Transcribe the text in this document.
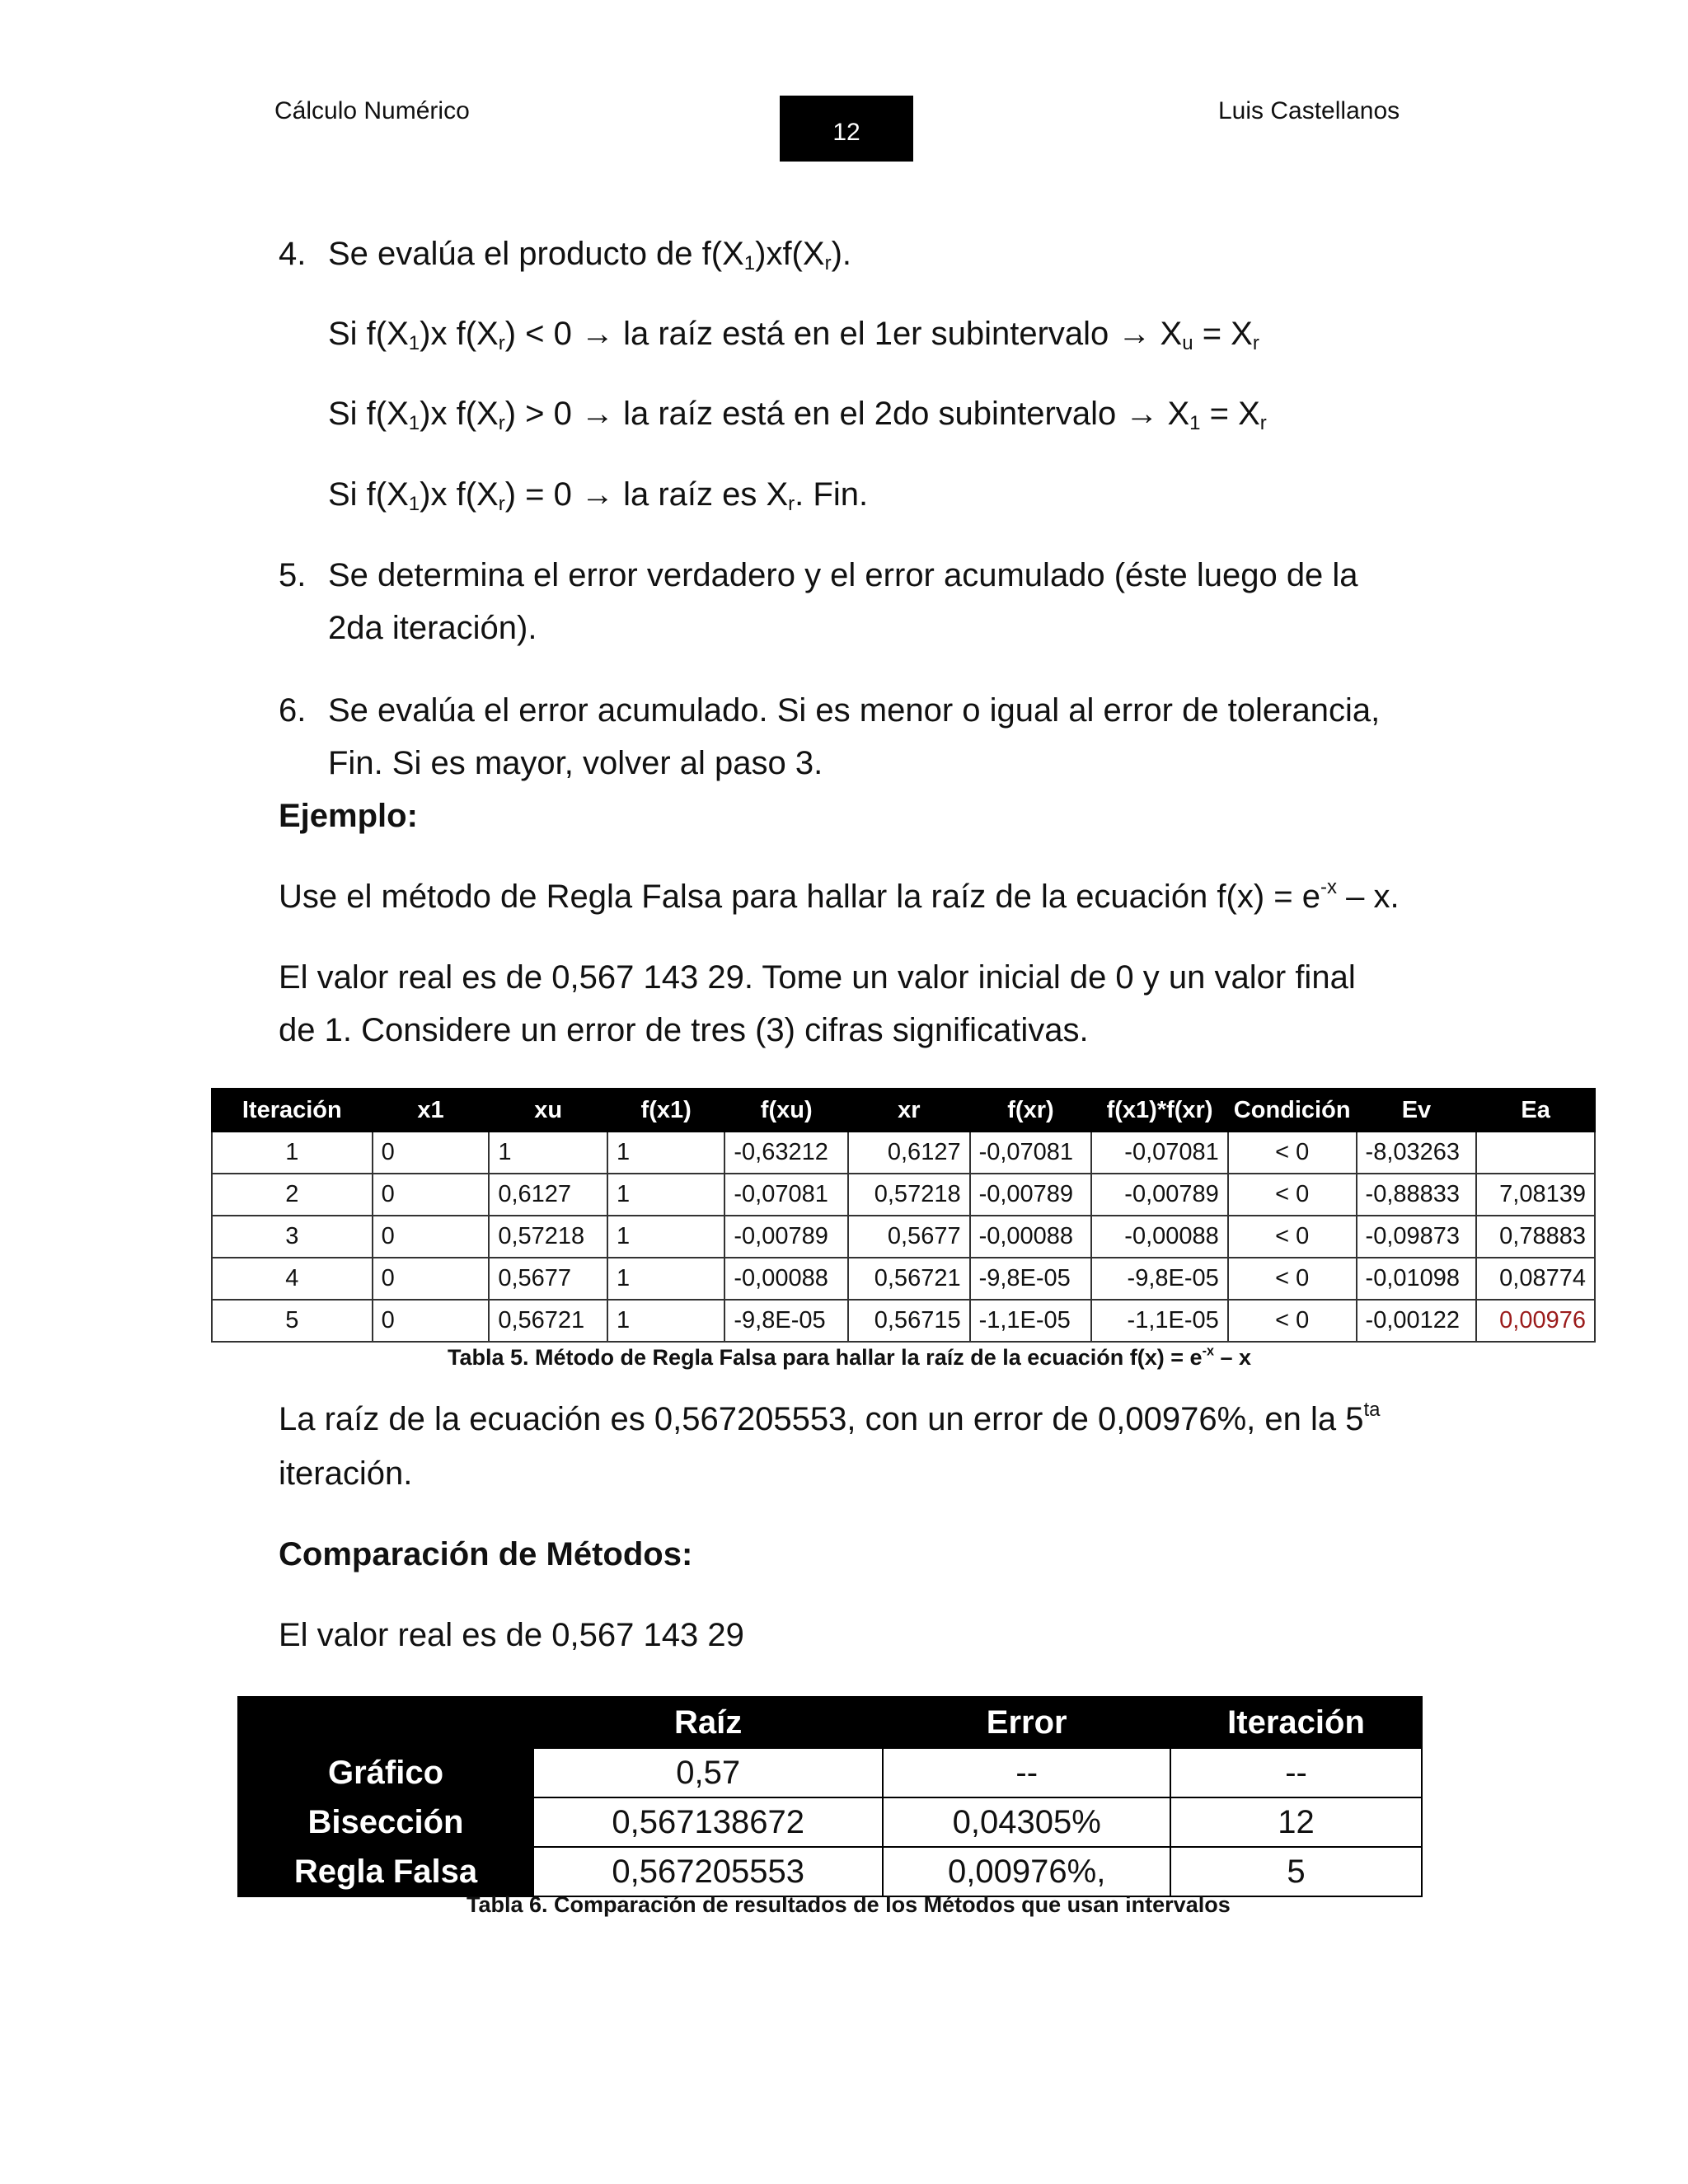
Cálculo Numérico
12
Luis Castellanos
4. Se evalúa el producto de $f(X_1)xf(X_r)$.
Si $f(X_1)x$ $f(X_r) < 0$ → la raíz está en el 1er subintervalo → $X_u = X_r$
Si $f(X_1)x$ $f(X_r) > 0$ → la raíz está en el 2do subintervalo → $X_1 = X_r$
Si $f(X_1)x$ $f(X_r) = 0$ → la raíz es $X_r$. Fin.
5. Se determina el error verdadero y el error acumulado (éste luego de la
2da iteración).
6. Se evalúa el error acumulado. Si es menor o igual al error de tolerancia,
Fin. Si es mayor, volver al paso 3.
Ejemplo:
Use el método de Regla Falsa para hallar la raíz de la ecuación $f(x) = e^{-x} - x$.
El valor real es de 0,567 143 29. Tome un valor inicial de 0 y un valor final
de 1. Considere un error de tres (3) cifras significativas.
Iteración	x1	xu	f(x1)	f(xu)	xr	f(xr)	f(x1)*f(xr)	Condición	Ev	Ea
1	0	1	1	-0,63212	0,6127	-0,07081	-0,07081	< 0	-8,03263	
2	0	0,6127	1	-0,07081	0,57218	-0,00789	-0,00789	< 0	-0,88833	7,08139
3	0	0,57218	1	-0,00789	0,5677	-0,00088	-0,00088	< 0	-0,09873	0,78883
4	0	0,5677	1	-0,00088	0,56721	-9,8E-05	-9,8E-05	< 0	-0,01098	0,08774
5	0	0,56721	1	-9,8E-05	0,56715	-1,1E-05	-1,1E-05	< 0	-0,00122	0,00976
Tabla 5. Método de Regla Falsa para hallar la raíz de la ecuación $f(x) = e^{-x} - x$
La raíz de la ecuación es 0,567205553, con un error de 0,00976%, en la $5^{ta}$
iteración.
Comparación de Métodos:
El valor real es de 0,567 143 29
	Raíz	Error	Iteración
Gráfico	0,57	--	--
Bisección	0,567138672	0,04305%	12
Regla Falsa	0,567205553	0,00976%,	5
Tabla 6. Comparación de resultados de los Métodos que usan intervalos
